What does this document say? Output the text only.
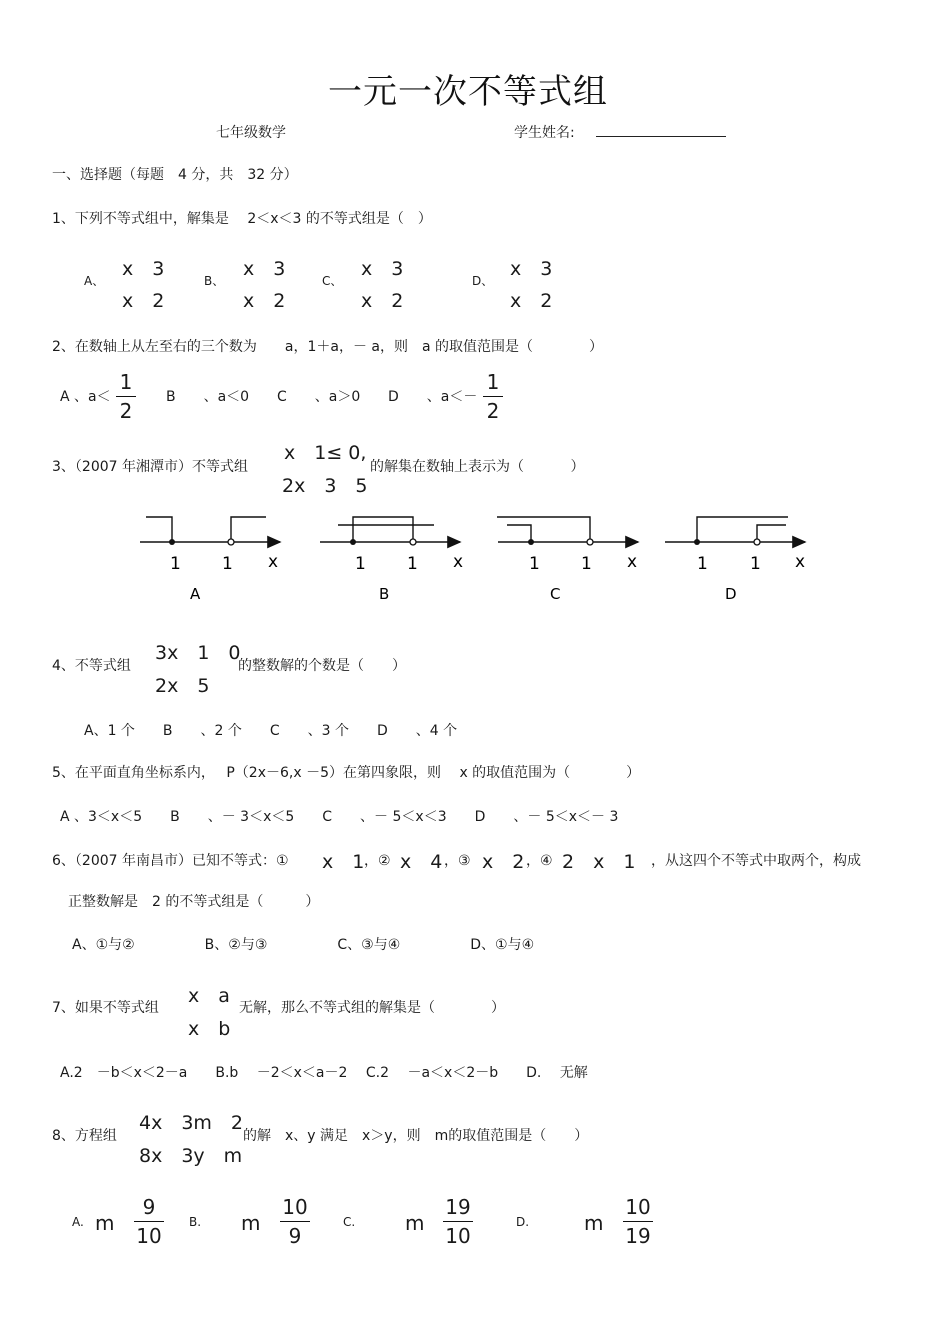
一元一次不等式组
七年级数学	学生姓名:
一、选择题（每题　4 分，共　32 分）
1、下列不等式组中，解集是　 2＜x＜3 的不等式组是（　）
A、
x　3
x　2
B、
x　3
x　2
C、
x　3
x　2
D、
x　3
x　2
2、在数轴上从左至右的三个数为　　a，1＋a，－ a，则　a 的取值范围是（　　　　）
A 、a＜
1
2
B　　、a＜0 C　　、a＞0 D　　、a＜－
1
2
3、（2007 年湘潭市）不等式组
x　1≤ 0,
2x　3　5
的解集在数轴上表示为（　　　 ）
1 1 x
A
1 1 x
B
1 1 x
C
1 1 x
D
4、不等式组
3x　1　0
2x　5
的整数解的个数是（　　）
A、1 个　　B　　、2 个　　C　　、3 个　　D　　、4 个
5、在平面直角坐标系内，　 P（2x－6,x －5）在第四象限，则　 x 的取值范围为（　　　　）
A 、3＜x＜5　　B　　、－ 3＜x＜5　　C　　、－ 5＜x＜3　　D　　、－ 5＜x＜－ 3
6、（2007 年南昌市）已知不等式：① x　1 ，② x　4 ，③ x　2 ，④ 2　x　1 ，从这四个不等式中取两个，构成
正整数解是　2 的不等式组是（　　　）
A、①与②　　　　　B、②与③　　　　　C、③与④　　　　　D、①与④
7、如果不等式组
x　a
x　b
无解，那么不等式组的解集是（　　　　）
A.2　－b＜x＜2－a　　B.b　 －2＜x＜a－2　 C.2　 －a＜x＜2－b　　D.　 无解
8、方程组
4x　3m　2
8x　3y　m
的解　x、y 满足　x＞y，则　m的取值范围是（　　）
A. m
9
10
B. m
10
9
C. m
19
10
D.	m
10
19
